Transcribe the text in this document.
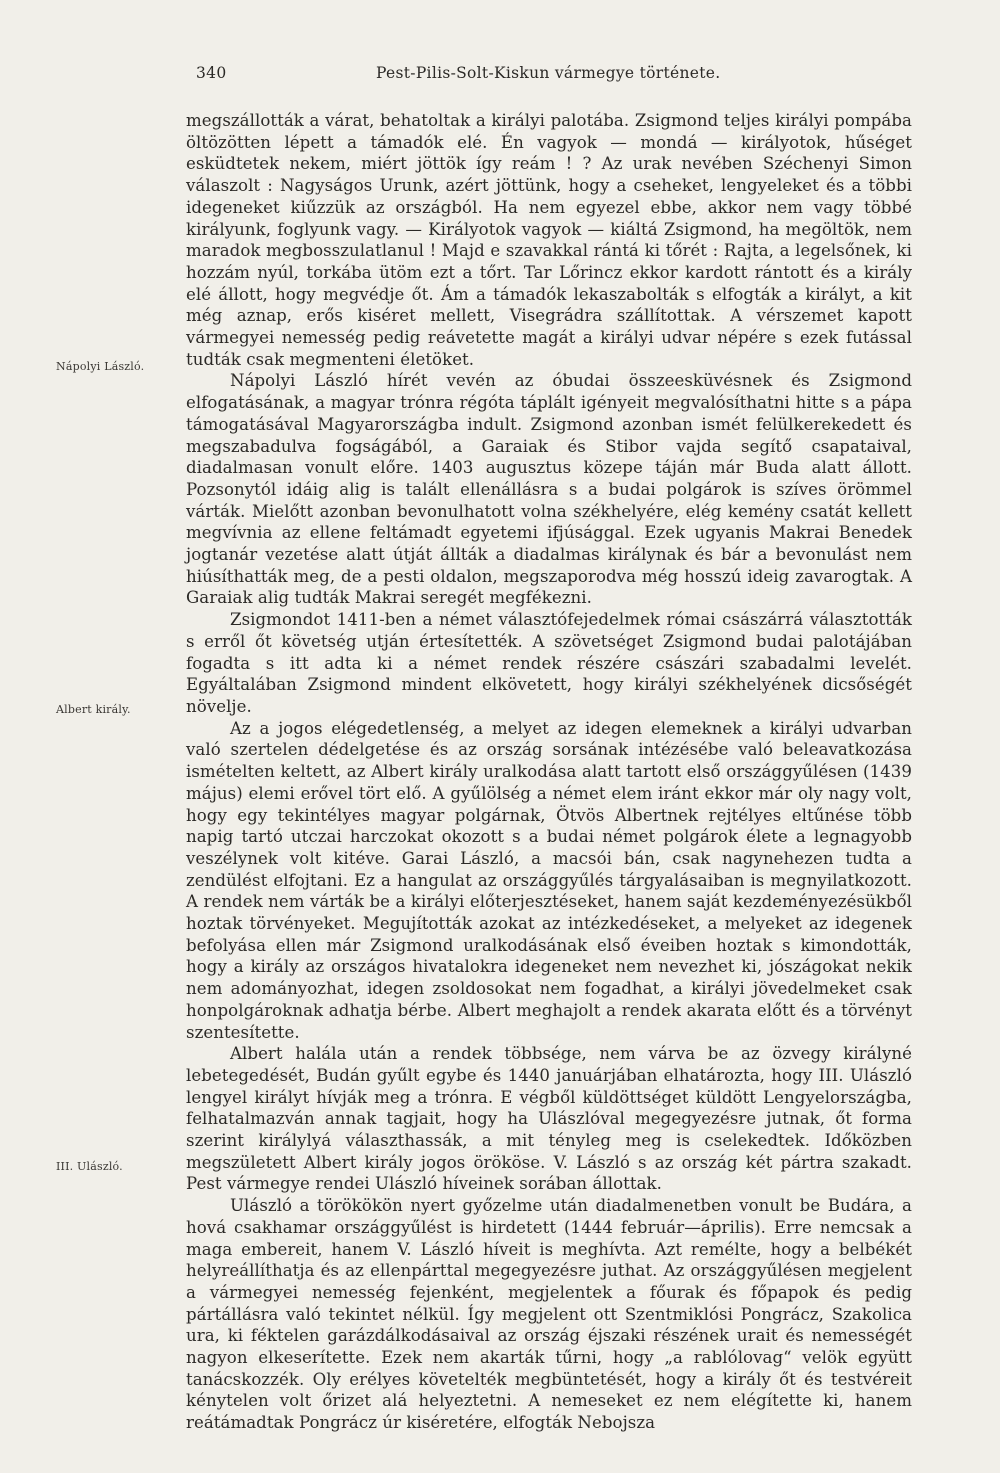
340	Pest-Pilis-Solt-Kiskun vármegye története.
Nápolyi László.
Albert király.
III. Ulászló.

megszállották a várat, behatoltak a királyi palotába. Zsigmond teljes királyi pompába öltözötten lépett a támadók elé. Én vagyok — mondá — királyotok, hűséget esküdtetek nekem, miért jöttök így reám ! ? Az urak nevében Széchenyi Simon válaszolt : Nagyságos Urunk, azért jöttünk, hogy a cseheket, lengyeleket és a többi idegeneket kiűzzük az országból. Ha nem egyezel ebbe, akkor nem vagy többé királyunk, foglyunk vagy. — Királyotok vagyok — kiáltá Zsigmond, ha megöltök, nem maradok megbosszulatlanul ! Majd e szavakkal rántá ki tőrét : Rajta, a legelsőnek, ki hozzám nyúl, torkába ütöm ezt a tőrt. Tar Lőrincz ekkor kardott rántott és a király elé állott, hogy megvédje őt. Ám a támadók lekaszabolták s elfogták a királyt, a kit még aznap, erős kiséret mellett, Visegrádra szállítottak. A vérszemet kapott vármegyei nemesség pedig reávetette magát a királyi udvar népére s ezek futással tudták csak megmenteni életöket.

Nápolyi László hírét vevén az óbudai összeesküvésnek és Zsigmond elfogatásának, a magyar trónra régóta táplált igényeit megvalósíthatni hitte s a pápa támogatásával Magyarországba indult. Zsigmond azonban ismét felülkerekedett és megszabadulva fogságából, a Garaiak és Stibor vajda segítő csapataival, diadalmasan vonult előre. 1403 augusztus közepe táján már Buda alatt állott. Pozsonytól idáig alig is talált ellenállásra s a budai polgárok is szíves örömmel várták. Mielőtt azonban bevonulhatott volna székhelyére, elég kemény csatát kellett megvívnia az ellene feltámadt egyetemi ifjúsággal. Ezek ugyanis Makrai Benedek jogtanár vezetése alatt útját állták a diadalmas királynak és bár a bevonulást nem hiúsíthatták meg, de a pesti oldalon, megszaporodva még hosszú ideig zavarogtak. A Garaiak alig tudták Makrai seregét megfékezni.

Zsigmondot 1411-ben a német választófejedelmek római császárrá választották s erről őt követség utján értesítették. A szövetséget Zsigmond budai palotájában fogadta s itt adta ki a német rendek részére császári szabadalmi levelét. Egyáltalában Zsigmond mindent elkövetett, hogy királyi székhelyének dicsőségét növelje.

Az a jogos elégedetlenség, a melyet az idegen elemeknek a királyi udvarban való szertelen dédelgetése és az ország sorsának intézésébe való beleavatkozása ismételten keltett, az Albert király uralkodása alatt tartott első országgyűlésen (1439 május) elemi erővel tört elő. A gyűlölség a német elem iránt ekkor már oly nagy volt, hogy egy tekintélyes magyar polgárnak, Ötvös Albertnek rejtélyes eltűnése több napig tartó utczai harczokat okozott s a budai német polgárok élete a legnagyobb veszélynek volt kitéve. Garai László, a macsói bán, csak nagynehezen tudta a zendülést elfojtani. Ez a hangulat az országgyűlés tárgyalásaiban is megnyilatkozott. A rendek nem várták be a királyi előterjesztéseket, hanem saját kezdeményezésükből hoztak törvényeket. Megujították azokat az intézkedéseket, a melyeket az idegenek befolyása ellen már Zsigmond uralkodásának első éveiben hoztak s kimondották, hogy a király az országos hivatalokra idegeneket nem nevezhet ki, jószágokat nekik nem adományozhat, idegen zsoldosokat nem fogadhat, a királyi jövedelmeket csak honpolgároknak adhatja bérbe. Albert meghajolt a rendek akarata előtt és a törvényt szentesítette.

Albert halála után a rendek többsége, nem várva be az özvegy királyné lebetegedését, Budán gyűlt egybe és 1440 januárjában elhatározta, hogy III. Ulászló lengyel királyt hívják meg a trónra. E végből küldöttséget küldött Lengyelországba, felhatalmazván annak tagjait, hogy ha Ulászlóval megegyezésre jutnak, őt forma szerint királylyá választhassák, a mit tényleg meg is cselekedtek. Időközben megszületett Albert király jogos örököse. V. László s az ország két pártra szakadt. Pest vármegye rendei Ulászló híveinek sorában állottak.

Ulászló a törökökön nyert győzelme után diadalmenetben vonult be Budára, a hová csakhamar országgyűlést is hirdetett (1444 február—április). Erre nemcsak a maga embereit, hanem V. László híveit is meghívta. Azt remélte, hogy a belbékét helyreállíthatja és az ellenpárttal megegyezésre juthat. Az országgyűlésen megjelent a vármegyei nemesség fejenként, megjelentek a főurak és főpapok és pedig pártállásra való tekintet nélkül. Így megjelent ott Szentmiklósi Pongrácz, Szakolica ura, ki féktelen garázdálkodásaival az ország éjszaki részének urait és nemességét nagyon elkeserítette. Ezek nem akarták tűrni, hogy „a rablólovag“ velök együtt tanácskozzék. Oly erélyes követelték megbüntetését, hogy a király őt és testvéreit kénytelen volt őrizet alá helyeztetni. A nemeseket ez nem elégítette ki, hanem reátámadtak Pongrácz úr kiséretére, elfogták Nebojsza
